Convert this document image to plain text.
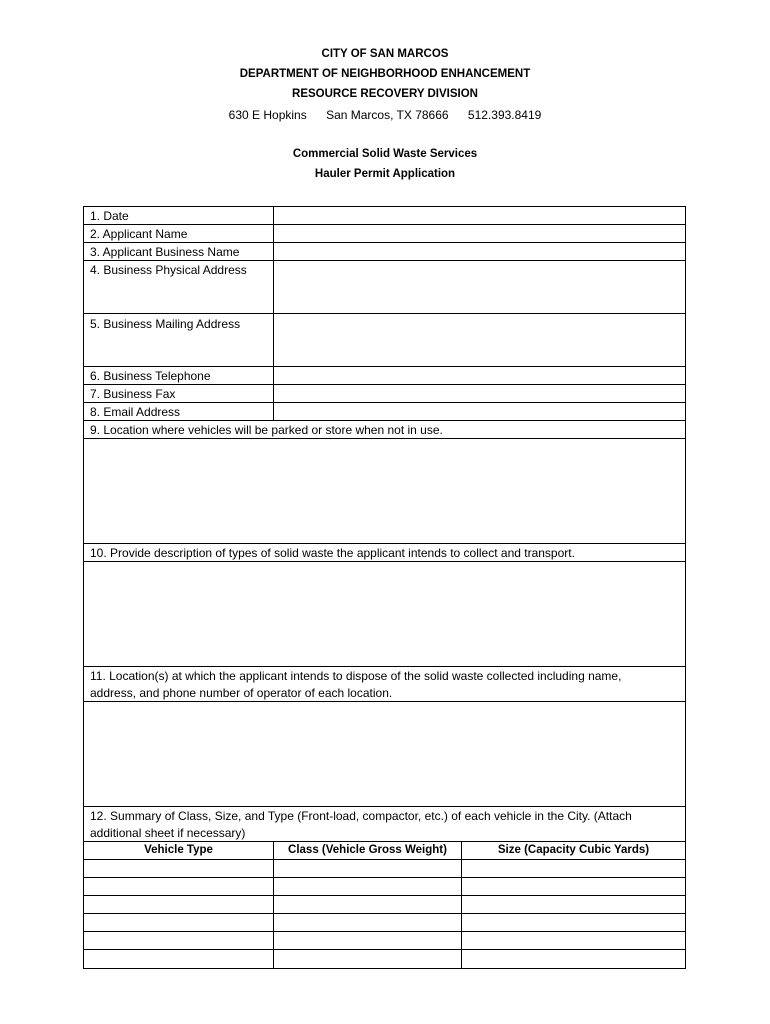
CITY OF SAN MARCOS
DEPARTMENT OF NEIGHBORHOOD ENHANCEMENT
RESOURCE RECOVERY DIVISION
630 E Hopkins San Marcos, TX 78666 512.393.8419
Commercial Solid Waste Services
Hauler Permit Application
1. Date
2. Applicant Name
3. Applicant Business Name
4. Business Physical Address
5. Business Mailing Address
6. Business Telephone
7. Business Fax
8. Email Address
9. Location where vehicles will be parked or store when not in use.
10. Provide description of types of solid waste the applicant intends to collect and transport.
11. Location(s) at which the applicant intends to dispose of the solid waste collected including name,
address, and phone number of operator of each location.
12. Summary of Class, Size, and Type (Front-load, compactor, etc.) of each vehicle in the City. (Attach
additional sheet if necessary)
Vehicle Type	Class (Vehicle Gross Weight)	Size (Capacity Cubic Yards)
